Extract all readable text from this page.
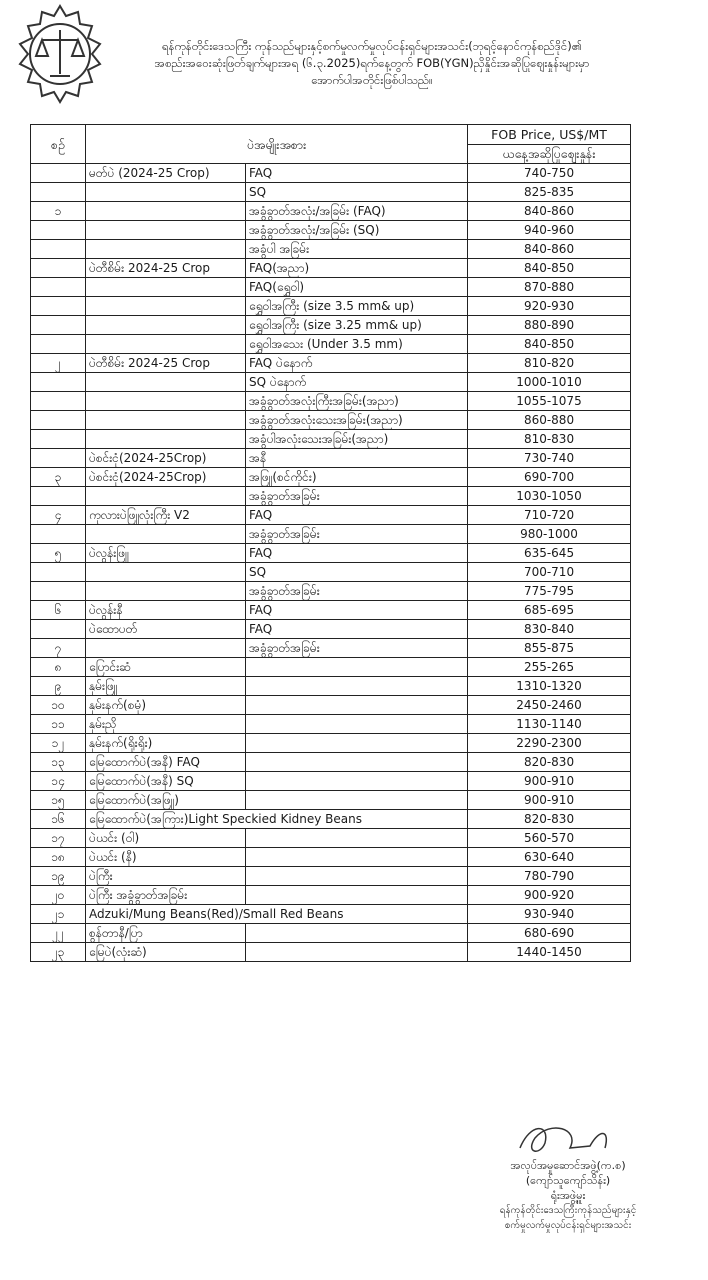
ရန်ကုန်တိုင်းဒေသကြီး ကုန်သည်များနှင့်စက်မှုလက်မှုလုပ်ငန်းရှင်များအသင်း(ဘုရင့်နောင်ကုန်စည်ဒိုင်)၏
အစည်းအဝေးဆုံးဖြတ်ချက်များအရ (၆.၃.2025)ရက်နေ့တွက် FOB(YGN)ညှိနှိုင်းအဆိုပြုဈေးနှုန်းများမှာ
အောက်ပါအတိုင်းဖြစ်ပါသည်။
စဉ်	ပဲအမျိုးအစား		FOB Price, US$/MT
			ယနေ့အဆိုပြုဈေးနှုန်း
	မတ်ပဲ (2024-25 Crop)	FAQ	740-750
		SQ	825-835
၁		အခွံခွာတ်အလုံး/အခြမ်း (FAQ)	840-860
		အခွံခွာတ်အလုံး/အခြမ်း (SQ)	940-960
		အခွံပါ အခြမ်း	840-860
	ပဲတီစိမ်း 2024-25 Crop	FAQ(အညာ)	840-850
		FAQ(ရွှေဝါ)	870-880
		ရွှေဝါအကြီး (size 3.5 mm& up)	920-930
		ရွှေဝါအကြီး (size 3.25 mm& up)	880-890
		ရွှေဝါအသေး (Under 3.5 mm)	840-850
၂	ပဲတီစိမ်း 2024-25 Crop	FAQ ပဲနောက်	810-820
		SQ ပဲနောက်	1000-1010
		အခွံခွာတ်အလုံးကြီးအခြမ်း(အညာ)	1055-1075
		အခွံခွာတ်အလုံးသေးအခြမ်း(အညာ)	860-880
		အခွံပါအလုံးသေးအခြမ်း(အညာ)	810-830
	ပဲစင်းငုံ(2024-25Crop)	အနီ	730-740
၃	ပဲစင်းငုံ(2024-25Crop)	အဖြူ(စင်ကိုင်း)	690-700
		အခွံခွာတ်အခြမ်း	1030-1050
၄	ကုလားပဲဖြူလုံးကြီး V2	FAQ	710-720
		အခွံခွာတ်အခြမ်း	980-1000
၅	ပဲလွန်းဖြူ	FAQ	635-645
		SQ	700-710
		အခွံခွာတ်အခြမ်း	775-795
၆	ပဲလွန်းနီ	FAQ	685-695
	ပဲထောပတ်	FAQ	830-840
၇		အခွံခွာတ်အခြမ်း	855-875
၈	ပြောင်းဆံ		255-265
၉	နှမ်းဖြူ		1310-1320
၁၀	နှမ်းနက်(စမုံ)		2450-2460
၁၁	နှမ်းညို		1130-1140
၁၂	နှမ်းနက်(ရိုးရိုး)		2290-2300
၁၃	မြေထောက်ပဲ(အနီ) FAQ		820-830
၁၄	မြေထောက်ပဲ(အနီ) SQ		900-910
၁၅	မြေထောက်ပဲ(အဖြူ)		900-910
၁၆	မြေထောက်ပဲ(အကြား)Light Speckied Kidney Beans		820-830
၁၇	ပဲယင်း (ဝါ)		560-570
၁၈	ပဲယင်း (နီ)		630-640
၁၉	ပဲကြီး		780-790
၂၀	ပဲကြီး အခွံခွာတ်အခြမ်း		900-920
၂၁	Adzuki/Mung Beans(Red)/Small Red Beans		930-940
၂၂	စွန်တာနီ/ပြာ		680-690
၂၃	မြေပဲ(လုံးဆံ)		1440-1450
အလုပ်အမှုဆောင်အဖွဲ့(က.စ)
(ကျော်သူကျော်သိန်း)
ရုံးအဖွဲ့မှူး
ရန်ကုန်တိုင်းဒေသကြီးကုန်သည်များနှင့်
စက်မှုလက်မှုလုပ်ငန်းရှင်များအသင်း
